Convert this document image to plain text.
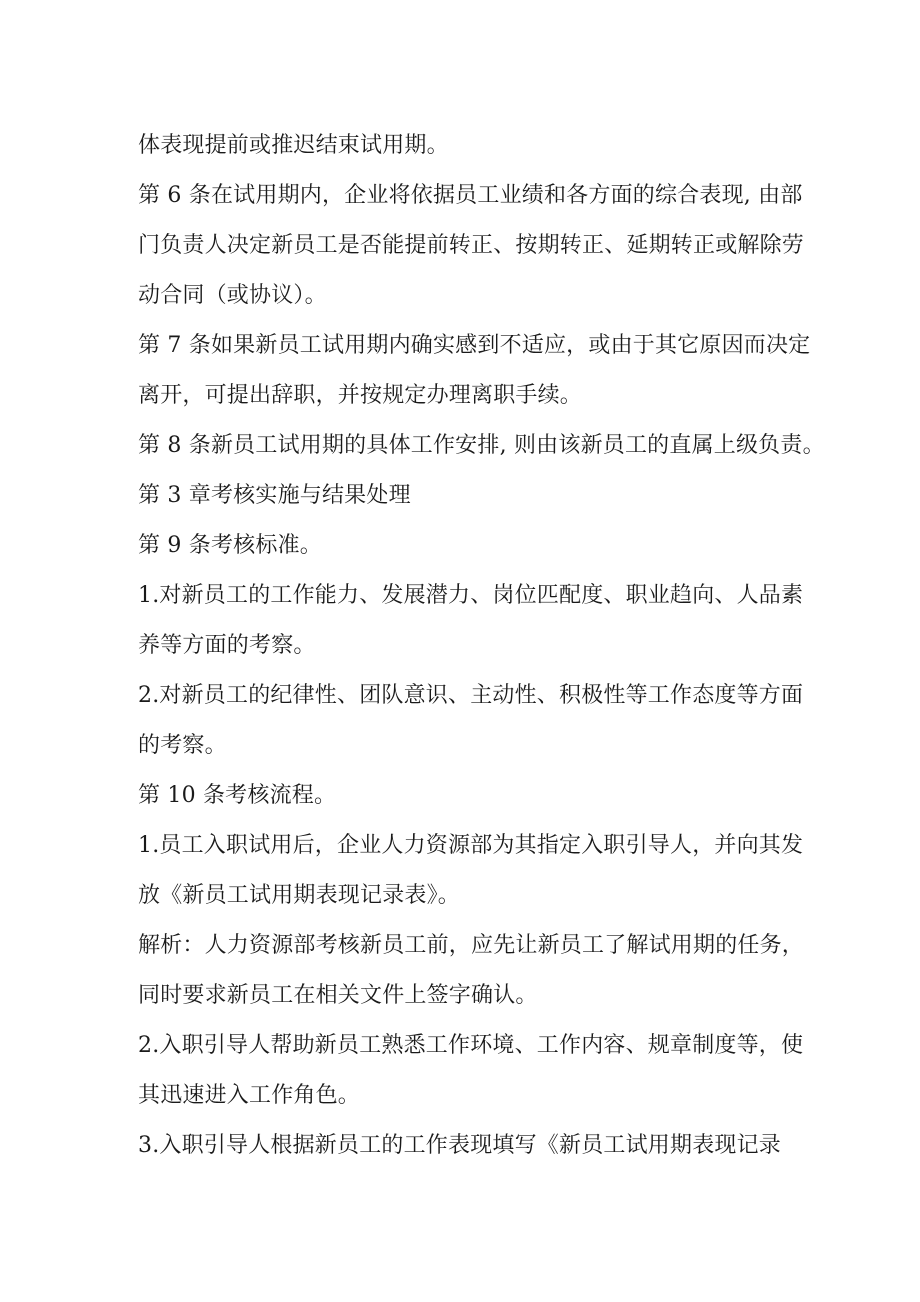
体表现提前或推迟结束试用期。
第 6 条在试用期内，企业将依据员工业绩和各方面的综合表现, 由部
门负责人决定新员工是否能提前转正、按期转正、延期转正或解除劳
动合同（或协议）。
第 7 条如果新员工试用期内确实感到不适应，或由于其它原因而决定
离开，可提出辞职，并按规定办理离职手续。
第 8 条新员工试用期的具体工作安排, 则由该新员工的直属上级负责。
第 3 章考核实施与结果处理
第 9 条考核标准。
1.对新员工的工作能力、发展潜力、岗位匹配度、职业趋向、人品素
养等方面的考察。
2.对新员工的纪律性、团队意识、主动性、积极性等工作态度等方面
的考察。
第 10 条考核流程。
1.员工入职试用后，企业人力资源部为其指定入职引导人，并向其发
放《新员工试用期表现记录表》。
解析：人力资源部考核新员工前，应先让新员工了解试用期的任务，
同时要求新员工在相关文件上签字确认。
2.入职引导人帮助新员工熟悉工作环境、工作内容、规章制度等，使
其迅速进入工作角色。
3.入职引导人根据新员工的工作表现填写《新员工试用期表现记录
